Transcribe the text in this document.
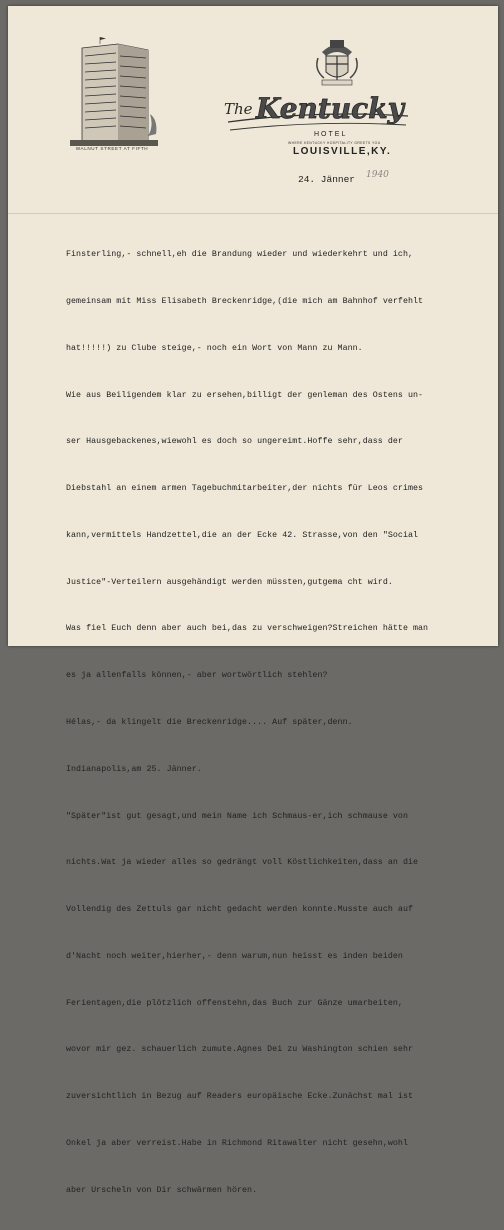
WALNUT STREET AT FIFTH
The Kentucky
HOTEL
WHERE KENTUCKY HOSPITALITY GREETS YOU
LOUISVILLE,KY.
24. Jänner 1940

Finsterling,- schnell,eh die Brandung wieder und wiederkehrt und ich,

gemeinsam mit Miss Elisabeth Breckenridge,(die mich am Bahnhof verfehlt

hat!!!!!) zu Clube steige,- noch ein Wort von Mann zu Mann.

Wie aus Beiligendem klar zu ersehen,billigt der genleman des Ostens un-

ser Hausgebackenes,wiewohl es doch so ungereimt.Hoffe sehr,dass der

Diebstahl an einem armen Tagebuchmitarbeiter,der nichts für Leos crimes

kann,vermittels Handzettel,die an der Ecke 42. Strasse,von den "Social

Justice"-Verteilern ausgehändigt werden müssten,gutgema cht wird.

Was fiel Euch denn aber auch bei,das zu verschweigen?Streichen hätte man

es ja allenfalls können,- aber wortwörtlich stehlen?

Hélas,- da klingelt die Breckenridge.... Auf später,denn.

Indianapolis,am 25. Jänner.

"Später"ist gut gesagt,und mein Name ich Schmaus-er,ich schmause von

nichts.Wat ja wieder alles so gedrängt voll Köstlichkeiten,dass an die

Vollendig des Zettuls gar nicht gedacht werden konnte.Musste auch auf

d'Nacht noch weiter,hierher,- denn warum,nun heisst es inden beiden

Ferientagen,die plötzlich offenstehn,das Buch zur Gänze umarbeiten,

wovor mir gez. schauerlich zumute.Agnes Dei zu Washington schien sehr

zuversichtlich in Bezug auf Readers europäische Ecke.Zunächst mal ist

Onkel ja aber verreist.Habe in Richmond Ritawalter nicht gesehn,wohl

aber Urscheln von Dir schwärmen hören.
